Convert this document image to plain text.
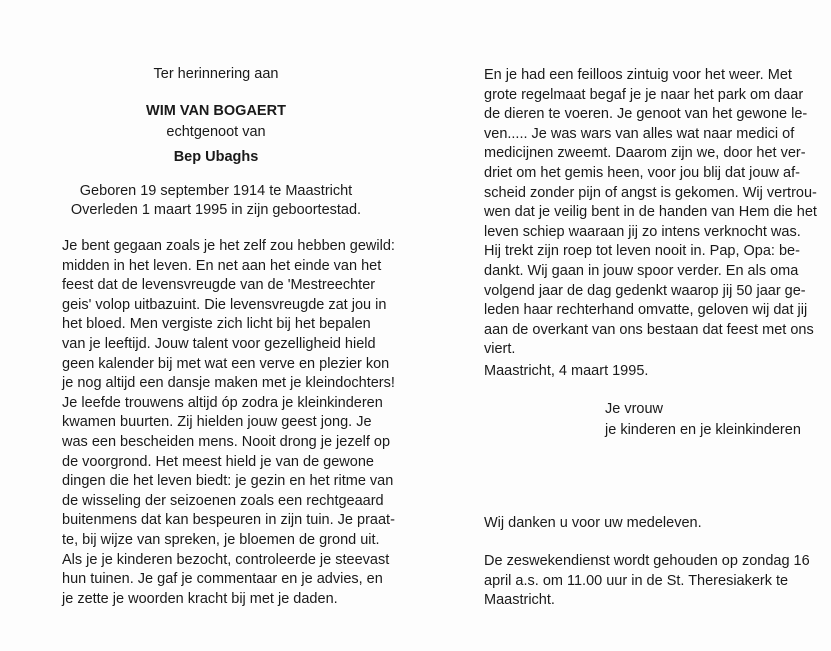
Ter herinnering aan
WIM VAN BOGAERT
echtgenoot van
Bep Ubaghs
Geboren 19 september 1914 te Maastricht
Overleden 1 maart 1995 in zijn geboortestad.
Je bent gegaan zoals je het zelf zou hebben gewild:
midden in het leven. En net aan het einde van het
feest dat de levensvreugde van de 'Mestreechter
geis' volop uitbazuint. Die levensvreugde zat jou in
het bloed. Men vergiste zich licht bij het bepalen
van je leeftijd. Jouw talent voor gezelligheid hield
geen kalender bij met wat een verve en plezier kon
je nog altijd een dansje maken met je kleindochters!
Je leefde trouwens altijd óp zodra je kleinkinderen
kwamen buurten. Zij hielden jouw geest jong. Je
was een bescheiden mens. Nooit drong je jezelf op
de voorgrond. Het meest hield je van de gewone
dingen die het leven biedt: je gezin en het ritme van
de wisseling der seizoenen zoals een rechtgeaard
buitenmens dat kan bespeuren in zijn tuin. Je praat-
te, bij wijze van spreken, je bloemen de grond uit.
Als je je kinderen bezocht, controleerde je steevast
hun tuinen. Je gaf je commentaar en je advies, en
je zette je woorden kracht bij met je daden.
En je had een feilloos zintuig voor het weer. Met
grote regelmaat begaf je je naar het park om daar
de dieren te voeren. Je genoot van het gewone le-
ven..... Je was wars van alles wat naar medici of
medicijnen zweemt. Daarom zijn we, door het ver-
driet om het gemis heen, voor jou blij dat jouw af-
scheid zonder pijn of angst is gekomen. Wij vertrou-
wen dat je veilig bent in de handen van Hem die het
leven schiep waaraan jij zo intens verknocht was.
Hij trekt zijn roep tot leven nooit in. Pap, Opa: be-
dankt. Wij gaan in jouw spoor verder. En als oma
volgend jaar de dag gedenkt waarop jij 50 jaar ge-
leden haar rechterhand omvatte, geloven wij dat jij
aan de overkant van ons bestaan dat feest met ons
viert.
Maastricht, 4 maart 1995.
Je vrouw
je kinderen en je kleinkinderen
Wij danken u voor uw medeleven.
De zeswekendienst wordt gehouden op zondag 16
april a.s. om 11.00 uur in de St. Theresiakerk te
Maastricht.
